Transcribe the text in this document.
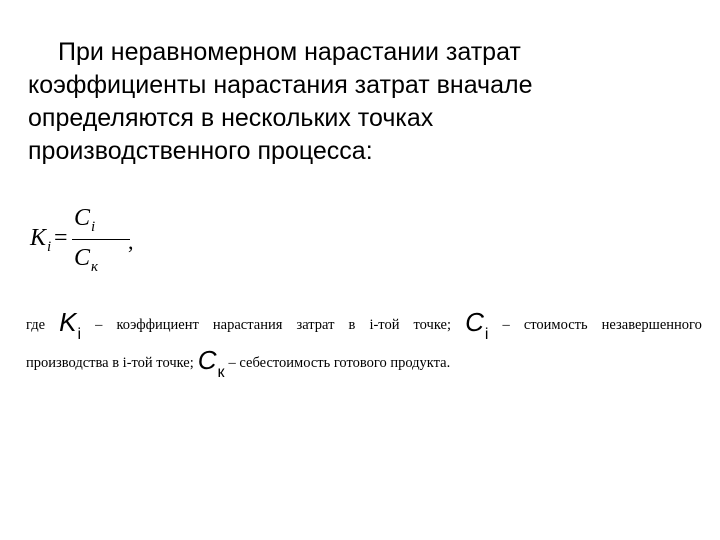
При неравномерном нарастании затрат
коэффициенты нарастания затрат вначале
определяются в нескольких точках
производственного процесса:
$K_i$ =
$C_i$
$C_к$
,
где $K_i$
– коэффициент нарастания затрат в i-той точке; $C_i$
– стоимость незавершенного
производства в i-той точке; $C_к$
– себестоимость готового продукта.
